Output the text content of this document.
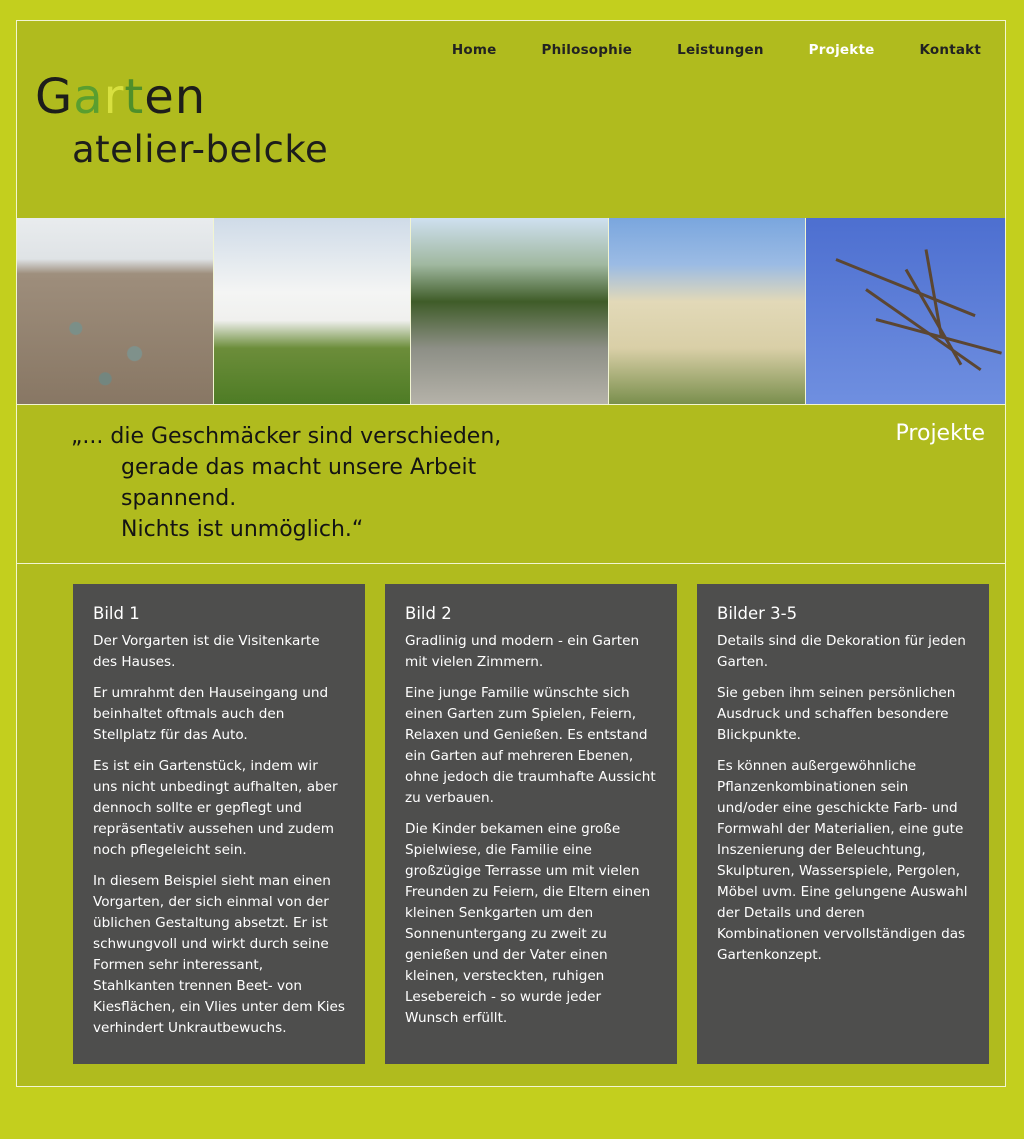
Home	Philosophie	Leistungen	Projekte	Kontakt
Garten
atelier-belcke
„... die Geschmäcker sind verschieden,
gerade das macht unsere Arbeit
spannend.
Nichts ist unmöglich.“
Projekte
Bild 1

Der Vorgarten ist die Visitenkarte des Hauses.

Er umrahmt den Hauseingang und beinhaltet oftmals auch den Stellplatz für das Auto.

Es ist ein Gartenstück, indem wir uns nicht unbedingt aufhalten, aber dennoch sollte er gepflegt und repräsentativ aussehen und zudem noch pflegeleicht sein.

In diesem Beispiel sieht man einen Vorgarten, der sich einmal von der üblichen Gestaltung absetzt. Er ist schwungvoll und wirkt durch seine Formen sehr interessant, Stahlkanten trennen Beet- von Kiesflächen, ein Vlies unter dem Kies verhindert Unkrautbewuchs.

Bild 2

Gradlinig und modern - ein Garten mit vielen Zimmern.

Eine junge Familie wünschte sich einen Garten zum Spielen, Feiern, Relaxen und Genießen. Es entstand ein Garten auf mehreren Ebenen, ohne jedoch die traumhafte Aussicht zu verbauen.

Die Kinder bekamen eine große Spielwiese, die Familie eine großzügige Terrasse um mit vielen Freunden zu Feiern, die Eltern einen kleinen Senkgarten um den Sonnenuntergang zu zweit zu genießen und der Vater einen kleinen, versteckten, ruhigen Lesebereich - so wurde jeder Wunsch erfüllt.

Bilder 3-5

Details sind die Dekoration für jeden Garten.

Sie geben ihm seinen persönlichen Ausdruck und schaffen besondere Blickpunkte.

Es können außergewöhnliche Pflanzenkombinationen sein und/oder eine geschickte Farb- und Formwahl der Materialien, eine gute Inszenierung der Beleuchtung, Skulpturen, Wasserspiele, Pergolen, Möbel uvm. Eine gelungene Auswahl der Details und deren Kombinationen vervollständigen das Gartenkonzept.
